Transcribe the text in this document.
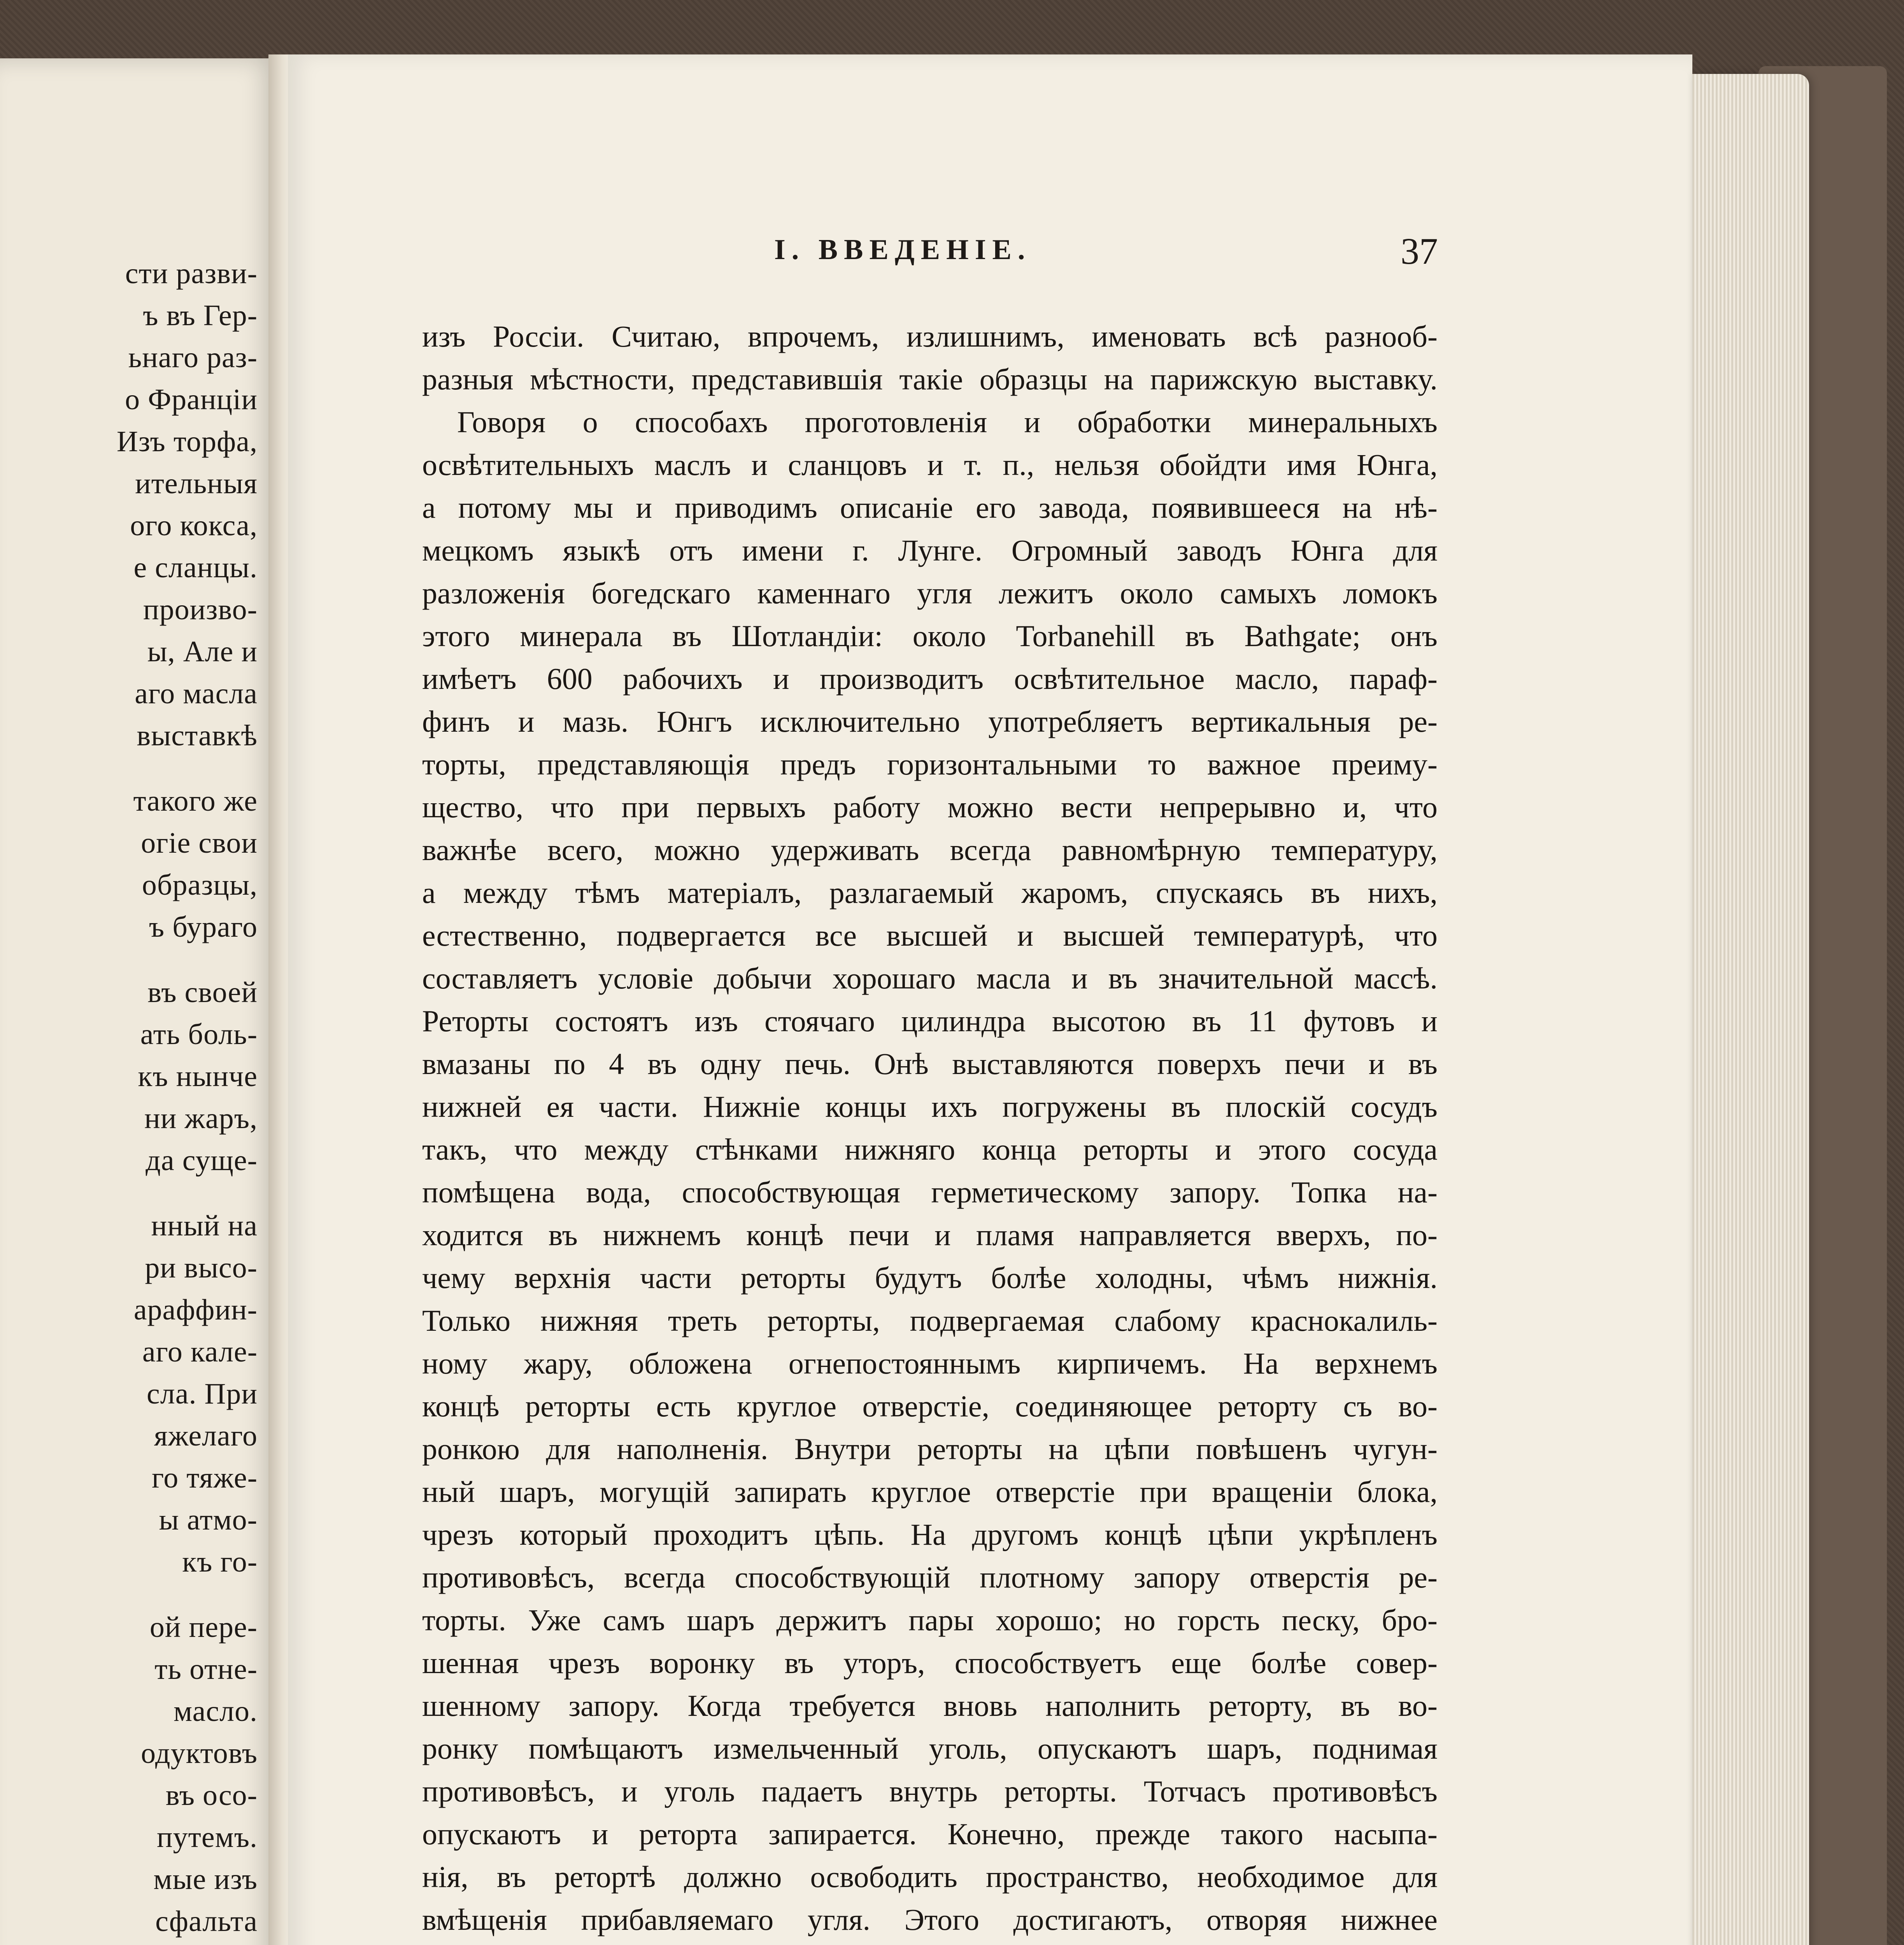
сти разви-
ъ въ Гер-
ьнаго раз-
о Франціи
Изъ торфа,
ительныя
ого кокса,
е сланцы.
произво-
ы, Але и
аго масла
выставкѣ
такого же
огіе свои
образцы,
ъ бураго
въ своей
ать боль-
къ нынче
ни жаръ,
да суще-
нный на
ри высо-
араффин-
аго кале-
сла. При
яжелаго
го тяже-
ы атмо-
къ го-
ой пере-
ть отне-
масло.
одуктовъ
въ осо-
путемъ.
мые изъ
сфальта
I. ВВЕДЕНIЕ.	37
изъ Россіи. Считаю, впрочемъ, излишнимъ, именовать всѣ разнооб-
разныя мѣстности, представившія такіе образцы на парижскую выставку.
Говоря о способахъ проготовленія и обработки минеральныхъ
освѣтительныхъ маслъ и сланцовъ и т. п., нельзя обойдти имя Юнга,
а потому мы и приводимъ описаніе его завода, появившееся на нѣ-
мецкомъ языкѣ отъ имени г. Лунге. Огромный заводъ Юнга для
разложенія богедскаго каменнаго угля лежитъ около самыхъ ломокъ
этого минерала въ Шотландіи: около Torbanehill въ Bathgate; онъ
имѣетъ 600 рабочихъ и производитъ освѣтительное масло, параф-
финъ и мазь. Юнгъ исключительно употребляетъ вертикальныя ре-
торты, представляющія предъ горизонтальными то важное преиму-
щество, что при первыхъ работу можно вести непрерывно и, что
важнѣе всего, можно удерживать всегда равномѣрную температуру,
а между тѣмъ матеріалъ, разлагаемый жаромъ, спускаясь въ нихъ,
естественно, подвергается все высшей и высшей температурѣ, что
составляетъ условіе добычи хорошаго масла и въ значительной массѣ.
Реторты состоятъ изъ стоячаго цилиндра высотою въ 11 футовъ и
вмазаны по 4 въ одну печь. Онѣ выставляются поверхъ печи и въ
нижней ея части. Нижніе концы ихъ погружены въ плоскій сосудъ
такъ, что между стѣнками нижняго конца реторты и этого сосуда
помѣщена вода, способствующая герметическому запору. Топка на-
ходится въ нижнемъ концѣ печи и пламя направляется вверхъ, по-
чему верхнія части реторты будутъ болѣе холодны, чѣмъ нижнія.
Только нижняя треть реторты, подвергаемая слабому краснокалиль-
ному жару, обложена огнепостояннымъ кирпичемъ. На верхнемъ
концѣ реторты есть круглое отверстіе, соединяющее реторту съ во-
ронкою для наполненія. Внутри реторты на цѣпи повѣшенъ чугун-
ный шаръ, могущій запирать круглое отверстіе при вращеніи блока,
чрезъ который проходитъ цѣпь. На другомъ концѣ цѣпи укрѣпленъ
противовѣсъ, всегда способствующій плотному запору отверстія ре-
торты. Уже самъ шаръ держитъ пары хорошо; но горсть песку, бро-
шенная чрезъ воронку въ уторъ, способствуетъ еще болѣе совер-
шенному запору. Когда требуется вновь наполнить реторту, въ во-
ронку помѣщаютъ измельченный уголь, опускаютъ шаръ, поднимая
противовѣсъ, и уголь падаетъ внутрь реторты. Тотчасъ противовѣсъ
опускаютъ и реторта запирается. Конечно, прежде такого насыпа-
нія, въ ретортѣ должно освободить пространство, необходимое для
вмѣщенія прибавляемаго угля. Этого достигаютъ, отворяя нижнее
